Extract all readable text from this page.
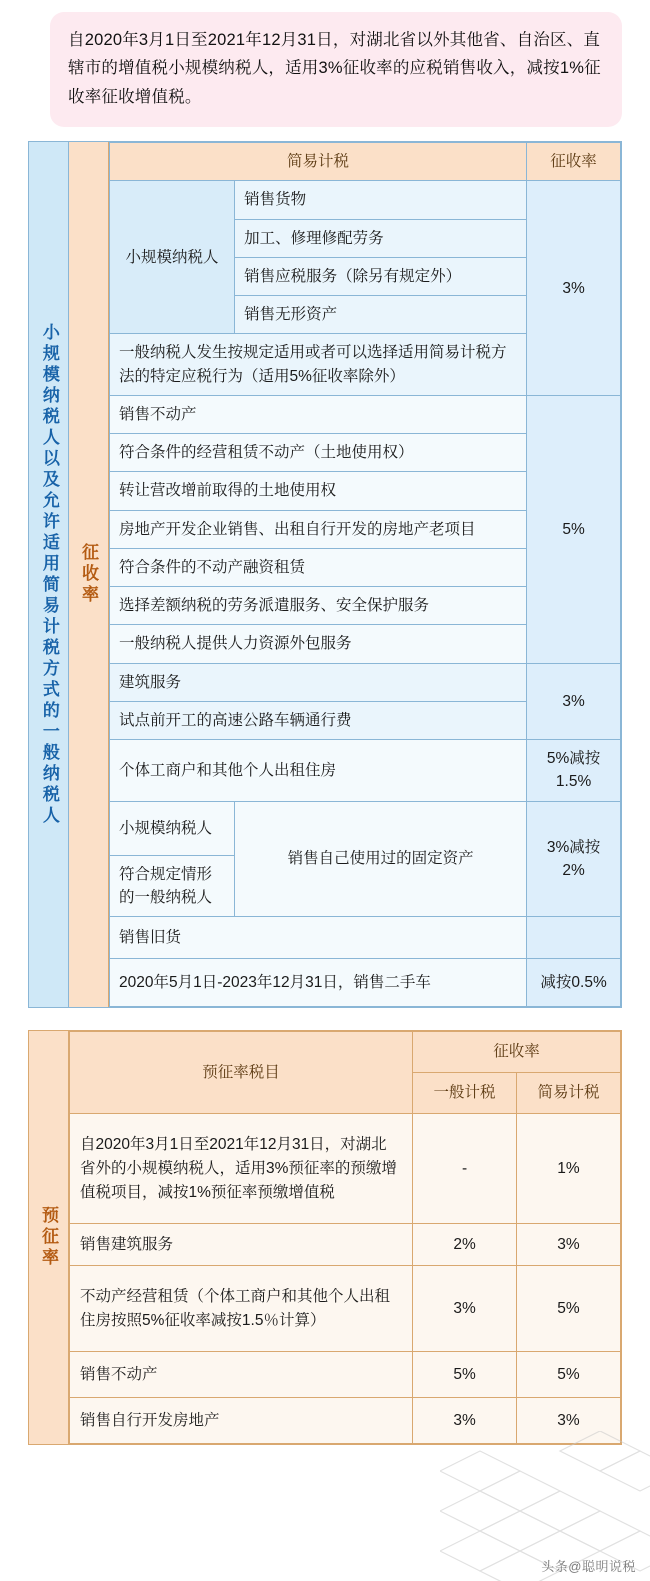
自2020年3月1日至2021年12月31日，对湖北省以外其他省、自治区、直辖市的增值税小规模纳税人，适用3%征收率的应税销售收入，减按1%征收率征收增值税。
小规模纳税人以及允许适用简易计税方式的一般纳税人	征收率
简易计税		征收率
小规模纳税人	销售货物	3%
	加工、修理修配劳务	
	销售应税服务（除另有规定外）	
	销售无形资产	
一般纳税人发生按规定适用或者可以选择适用简易计税方法的特定应税行为（适用5%征收率除外）		
销售不动产		5%
符合条件的经营租赁不动产（土地使用权）		
转让营改增前取得的土地使用权		
房地产开发企业销售、出租自行开发的房地产老项目		
符合条件的不动产融资租赁		
选择差额纳税的劳务派遣服务、安全保护服务		
一般纳税人提供人力资源外包服务		
建筑服务		3%
试点前开工的高速公路车辆通行费		
个体工商户和其他个人出租住房		5%减按1.5%
小规模纳税人	销售自己使用过的固定资产	3%减按2%
符合规定情形的一般纳税人		
销售旧货		
2020年5月1日-2023年12月31日，销售二手车		减按0.5%
预征率
预征率税目	征收率	
	一般计税	简易计税
自2020年3月1日至2021年12月31日，对湖北省外的小规模纳税人，适用3%预征率的预缴增值税项目，减按1%预征率预缴增值税	-	1%
销售建筑服务	2%	3%
不动产经营租赁（个体工商户和其他个人出租住房按照5%征收率减按1.5％计算）	3%	5%
销售不动产	5%	5%
销售自行开发房地产	3%	3%
头条@聪明说税
